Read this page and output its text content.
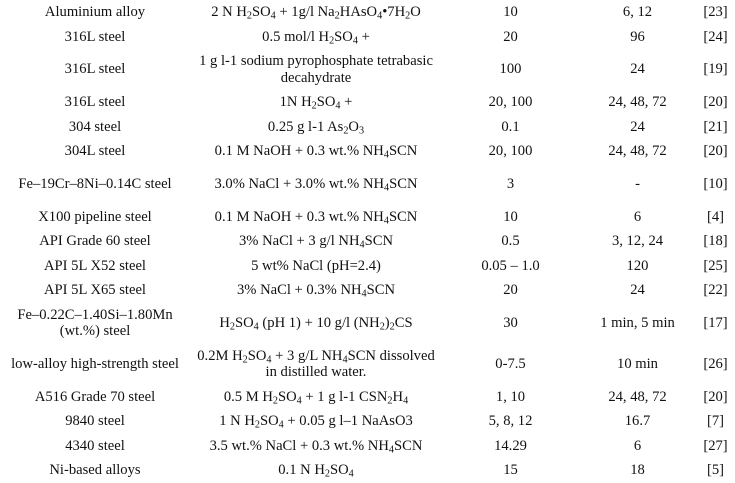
Aluminium alloy	2 N $H_2SO_4 + 1g/l$ $Na_2HAsO_4•7H_2O$	10	6, 12	[23]
316L steel	0.5 mol/l $H_2SO_4$ +	20	96	[24]
316L steel	1 g l-1 sodium pyrophosphate tetrabasic decahydrate	100	24	[19]
316L steel	1N $H_2SO_4$ +	20, 100	24, 48, 72	[20]
304 steel	0.25 g l-1 $As_2O_3$	0.1	24	[21]
304L steel	0.1 M NaOH + 0.3 wt.% $NH_4SCN$	20, 100	24, 48, 72	[20]
Fe–19Cr–8Ni–0.14C steel	3.0% NaCl + 3.0% wt.% $NH_4SCN$	3	-	[10]
X100 pipeline steel	0.1 M NaOH + 0.3 wt.% $NH_4SCN$	10	6	[4]
API Grade 60 steel	3% NaCl + 3 g/l $NH_4SCN$	0.5	3, 12, 24	[18]
API 5L X52 steel	5 wt% NaCl (pH=2.4)	0.05 – 1.0	120	[25]
API 5L X65 steel	3% NaCl + 0.3% $NH_4SCN$	20	24	[22]
Fe–0.22C–1.40Si–1.80Mn (wt.%) steel	$H_2SO_4$ (pH 1) + 10 g/l $(NH_2)_2CS$	30	1 min, 5 min	[17]
low-alloy high-strength steel	0.2M $H_2SO_4 + 3$ g/L $NH_4SCN$ dissolved in distilled water.	0-7.5	10 min	[26]
A516 Grade 70 steel	0.5 M $H_2SO_4 + 1$ g l-1 $CSN_2H_4$	1, 10	24, 48, 72	[20]
9840 steel	1 N $H_2SO_4 + 0.05$ g l–1 NaAsO3	5, 8, 12	16.7	[7]
4340 steel	3.5 wt.% NaCl + 0.3 wt.% $NH_4SCN$	14.29	6	[27]
Ni-based alloys	0.1 N $H_2SO_4$	15	18	[5]
